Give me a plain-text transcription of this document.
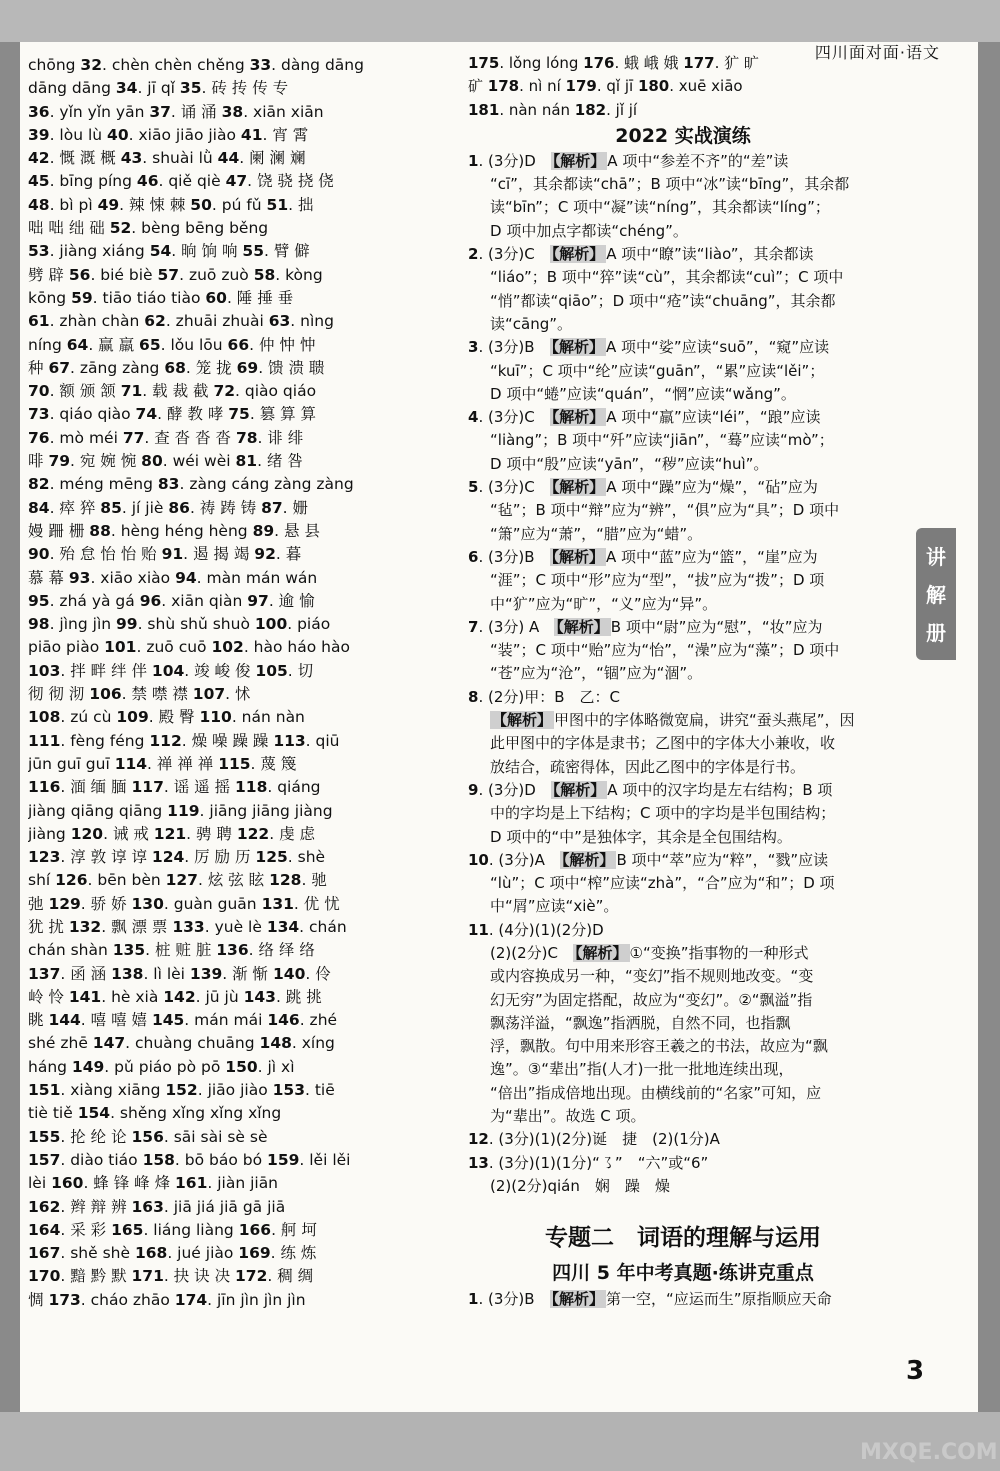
四川面对面·语文
chōng 32. chèn chèn chěng 33. dàng dāng
dāng dāng 34. jī qǐ 35. 砖 抟 传 专
36. yǐn yǐn yān 37. 诵 涌 38. xiān xiān
39. lòu lù 40. xiāo jiāo jiào 41. 宵 霄
42. 慨 溉 概 43. shuài lǜ 44. 阑 澜 斓
45. bīng píng 46. qiě qiè 47. 饶 骁 挠 侥
48. bì pì 49. 辣 悚 棘 50. pú fǔ 51. 拙
咄 咄 绌 础 52. bèng bēng běng
53. jiàng xiáng 54. 晌 饷 响 55. 臂 僻
劈 辟 56. bié biè 57. zuō zuò 58. kòng
kōng 59. tiāo tiáo tiào 60. 陲 捶 垂
61. zhàn chàn 62. zhuāi zhuài 63. nìng
níng 64. 赢 羸 65. lǒu lōu 66. 仲 忡 忡
种 67. zāng zàng 68. 笼 拢 69. 馈 溃 聩
70. 额 颁 颔 71. 载 裁 截 72. qiào qiáo
73. qiáo qiào 74. 酵 教 哮 75. 篡 算 算
76. mò méi 77. 查 沓 沓 沓 78. 诽 绯
啡 79. 宛 婉 惋 80. wéi wèi 81. 绪 咎
82. méng mēng 83. zàng cáng zàng zàng
84. 瘁 猝 85. jí jiè 86. 祷 踌 铸 87. 姗
嫚 跚 栅 88. hèng héng hèng 89. 悬 县
90. 殆 怠 怡 怡 贻 91. 遏 揭 竭 92. 暮
慕 幕 93. xiāo xiào 94. màn mán wán
95. zhá yà gá 96. xiān qiàn 97. 逾 愉
98. jìng jìn 99. shù shǔ shuò 100. piáo
piāo piào 101. zuō cuō 102. hào háo hào
103. 拌 畔 绊 伴 104. 竣 峻 俊 105. 切
彻 彻 沏 106. 禁 噤 襟 107. 怵
108. zú cù 109. 殿 臀 110. nán nàn
111. fèng féng 112. 燥 噪 躁 躁 113. qiū
jūn guī guī 114. 禅 禅 禅 115. 蔑 篾
116. 湎 缅 腼 117. 谣 遥 摇 118. qiáng
jiàng qiāng qiāng 119. jiāng jiāng jiàng
jiàng 120. 诫 戒 121. 骋 聘 122. 虔 虑
123. 淳 敦 谆 谆 124. 厉 励 历 125. shè
shí 126. bēn bèn 127. 炫 弦 眩 128. 驰
弛 129. 骄 娇 130. guàn guān 131. 优 忧
犹 扰 132. 飘 漂 票 133. yuè lè 134. chán
chán shàn 135. 桩 赃 脏 136. 络 绎 络
137. 函 涵 138. lì lèi 139. 渐 惭 140. 伶
岭 怜 141. hè xià 142. jū jù 143. 跳 挑
眺 144. 嘻 嘻 嬉 145. mán mái 146. zhé
shé zhē 147. chuàng chuāng 148. xíng
háng 149. pǔ piáo pò pō 150. jì xì
151. xiàng xiāng 152. jiāo jiào 153. tiē
tiè tiě 154. shěng xǐng xǐng xǐng
155. 抡 纶 论 156. sāi sài sè sè
157. diào tiáo 158. bō báo bó 159. lěi lěi
lèi 160. 蜂 锋 峰 烽 161. jiàn jiān
162. 辫 辩 辨 163. jiā jiá jiā gā jiā
164. 采 彩 165. liáng liàng 166. 舸 坷
167. shě shè 168. jué jiào 169. 练 炼
170. 黯 黔 默 171. 抉 诀 决 172. 稠 绸
惆 173. cháo zhāo 174. jīn jìn jìn jìn
175. lǒng lóng 176. 蛾 峨 娥 177. 犷 旷
矿 178. nì ní 179. qǐ jī 180. xuē xiāo
181. nàn nán 182. jǐ jí
2022 实战演练
1. (3分)D　【解析】 A 项中“参差不齐”的“差”读
“cī”，其余都读“chā”；B 项中“冰”读“bīng”，其余都
读“bīn”；C 项中“凝”读“níng”，其余都读“líng”；
D 项中加点字都读“chéng”。
2. (3分)C　【解析】 A 项中“瞭”读“liào”，其余都读
“liáo”；B 项中“猝”读“cù”，其余都读“cuì”；C 项中
“悄”都读“qiāo”；D 项中“疮”读“chuāng”，其余都
读“cāng”。
3. (3分)B　【解析】 A 项中“娑”应读“suō”，“窥”应读
“kuī”；C 项中“纶”应读“guān”，“累”应读“lěi”；
D 项中“蜷”应读“quán”，“惘”应读“wǎng”。
4. (3分)C　【解析】 A 项中“羸”应读“léi”，“踉”应读
“liàng”；B 项中“歼”应读“jiān”，“蓦”应读“mò”；
D 项中“殷”应读“yān”，“秽”应读“huì”。
5. (3分)C　【解析】 A 项中“躁”应为“燥”，“砧”应为
“毡”；B 项中“辩”应为“辨”，“俱”应为“具”；D 项中
“箫”应为“萧”，“腊”应为“蜡”。
6. (3分)B　【解析】 A 项中“蓝”应为“篮”，“崖”应为
“涯”；C 项中“形”应为“型”，“拔”应为“拨”；D 项
中“犷”应为“旷”，“义”应为“异”。
7. (3分) A　【解析】 B 项中“尉”应为“慰”，“妆”应为
“装”；C 项中“贻”应为“怡”，“澡”应为“藻”；D 项中
“苍”应为“沧”，“锢”应为“涸”。
8. (2分)甲：B　乙：C
【解析】 甲图中的字体略微宽扁，讲究“蚕头燕尾”，因
此甲图中的字体是隶书；乙图中的字体大小兼收，收
放结合，疏密得体，因此乙图中的字体是行书。
9. (3分)D　【解析】 A 项中的汉字均是左右结构；B 项
中的字均是上下结构；C 项中的字均是半包围结构；
D 项中的“中”是独体字，其余是全包围结构。
10. (3分)A　【解析】 B 项中“萃”应为“粹”，“戮”应读
“lù”；C 项中“榨”应读“zhà”，“合”应为“和”；D 项
中“屑”应读“xiè”。
11. (4分)(1)(2分)D
(2)(2分)C　【解析】 ①“变换”指事物的一种形式
或内容换成另一种，“变幻”指不规则地改变。“变
幻无穷”为固定搭配，故应为“变幻”。②“飘溢”指
飘荡洋溢，“飘逸”指洒脱，自然不同，也指飘
浮，飘散。句中用来形容王羲之的书法，故应为“飘
逸”。③“辈出”指(人才)一批一批地连续出现，
“倍出”指成倍地出现。由横线前的“名家”可知，应
为“辈出”。故选 C 项。
12. (3分)(1)(2分)诞　捷　(2)(1分)A
13. (3分)(1)(1分)“㇌”　“六”或“6”
(2)(2分)qián　娴　躁　燥
专题二　词语的理解与运用
四川 5 年中考真题·练讲克重点
1. (3分)B　【解析】 第一空，“应运而生”原指顺应天命
讲
解
册
3
MXQE.COM
